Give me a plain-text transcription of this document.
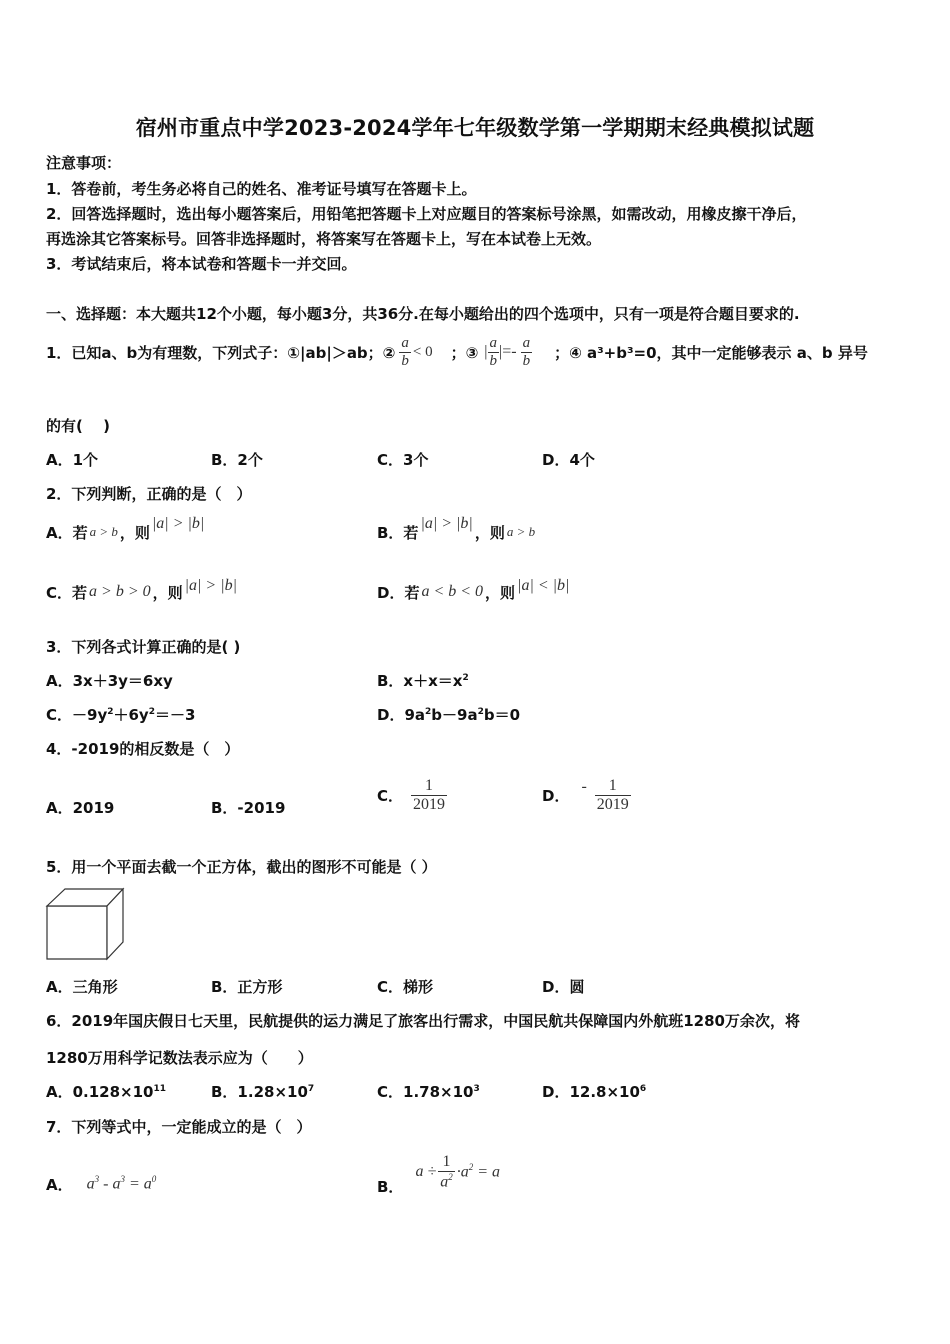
宿州市重点中学2023-2024学年七年级数学第一学期期末经典模拟试题
注意事项：
1．答卷前，考生务必将自己的姓名、准考证号填写在答题卡上。
2．回答选择题时，选出每小题答案后，用铅笔把答题卡上对应题目的答案标号涂黑，如需改动，用橡皮擦干净后，
再选涂其它答案标号。回答非选择题时，将答案写在答题卡上，写在本试卷上无效。
3．考试结束后，将本试卷和答题卡一并交回。
一、选择题：本大题共12个小题，每小题3分，共36分.在每小题给出的四个选项中，只有一项是符合题目要求的.
1．已知a、b为有理数，下列式子：①|ab|＞ab；② $\frac{a}{b} < 0$ ；③ | $\frac{a}{b}$ |=- $\frac{a}{b}$ ；④ a³+b³=0，其中一定能够表示 a、b 异号
的有(　 )
A．1个	B．2个	C．3个	D．4个
2．下列判断，正确的是（　）
A．若 a > b ，则 |a| > |b|	B．若 |a| > |b| ，则 a > b
C．若 a > b > 0 ，则 |a| > |b|	D．若 a < b < 0 ，则 |a| < |b|
3．下列各式计算正确的是( )
A．3x＋3y＝6xy	B．$x+x=x^2$
C．$-9y^2+6y^2=-3$	D．$9a^2b-9a^2b=0$
4．-2019的相反数是（　）
A．2019	B．-2019
C． $\frac{1}{2019}$	D． - $\frac{1}{2019}$
5．用一个平面去截一个正方体，截出的图形不可能是（ ）
A．三角形	B．正方形	C．梯形	D．圆
6．2019年国庆假日七天里，民航提供的运力满足了旅客出行需求，中国民航共保障国内外航班1280万余次，将
1280万用科学记数法表示应为（　　）
A．$0.128\times 10^{11}$	B．$1.28\times 10^7$	C．$1.78\times 10^3$	D．$12.8\times 10^6$
7．下列等式中，一定能成立的是（　）
A． $a^3 - a^3 = a^0$	B．
$a \div \frac{1}{a^2} \cdot a^2 = a$
